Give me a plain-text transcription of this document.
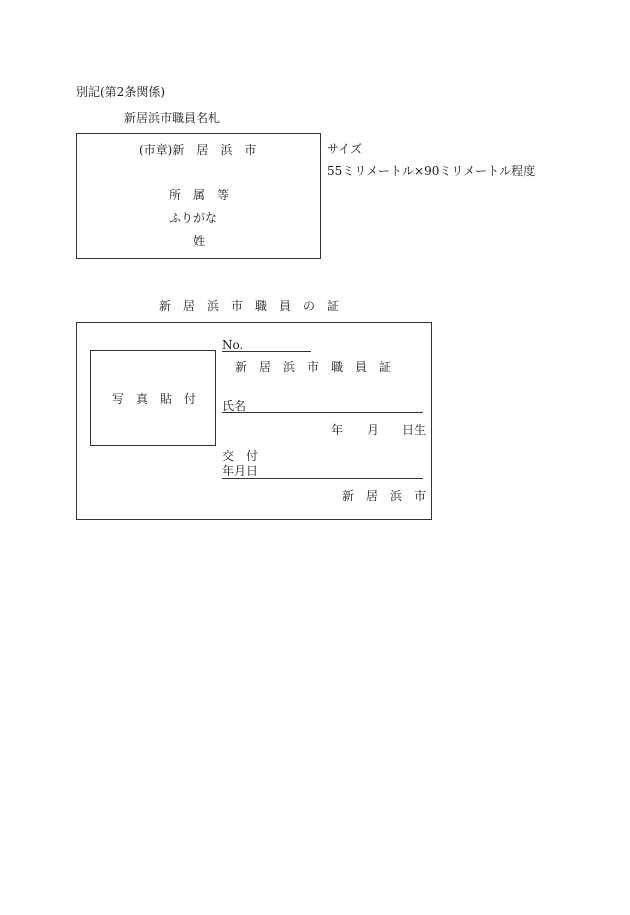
別記(第2条関係)
新居浜市職員名札
(市章)新　居　浜　市
所　属　等
ふりがな
姓
サイズ
55ミリメートル×90ミリメートル程度
新　居　浜　市　職　員　の　証
写　真　貼　付
No.
新　居　浜　市　職　員　証
氏名
年 月 日生
交　付
年月日
新　居　浜　市
